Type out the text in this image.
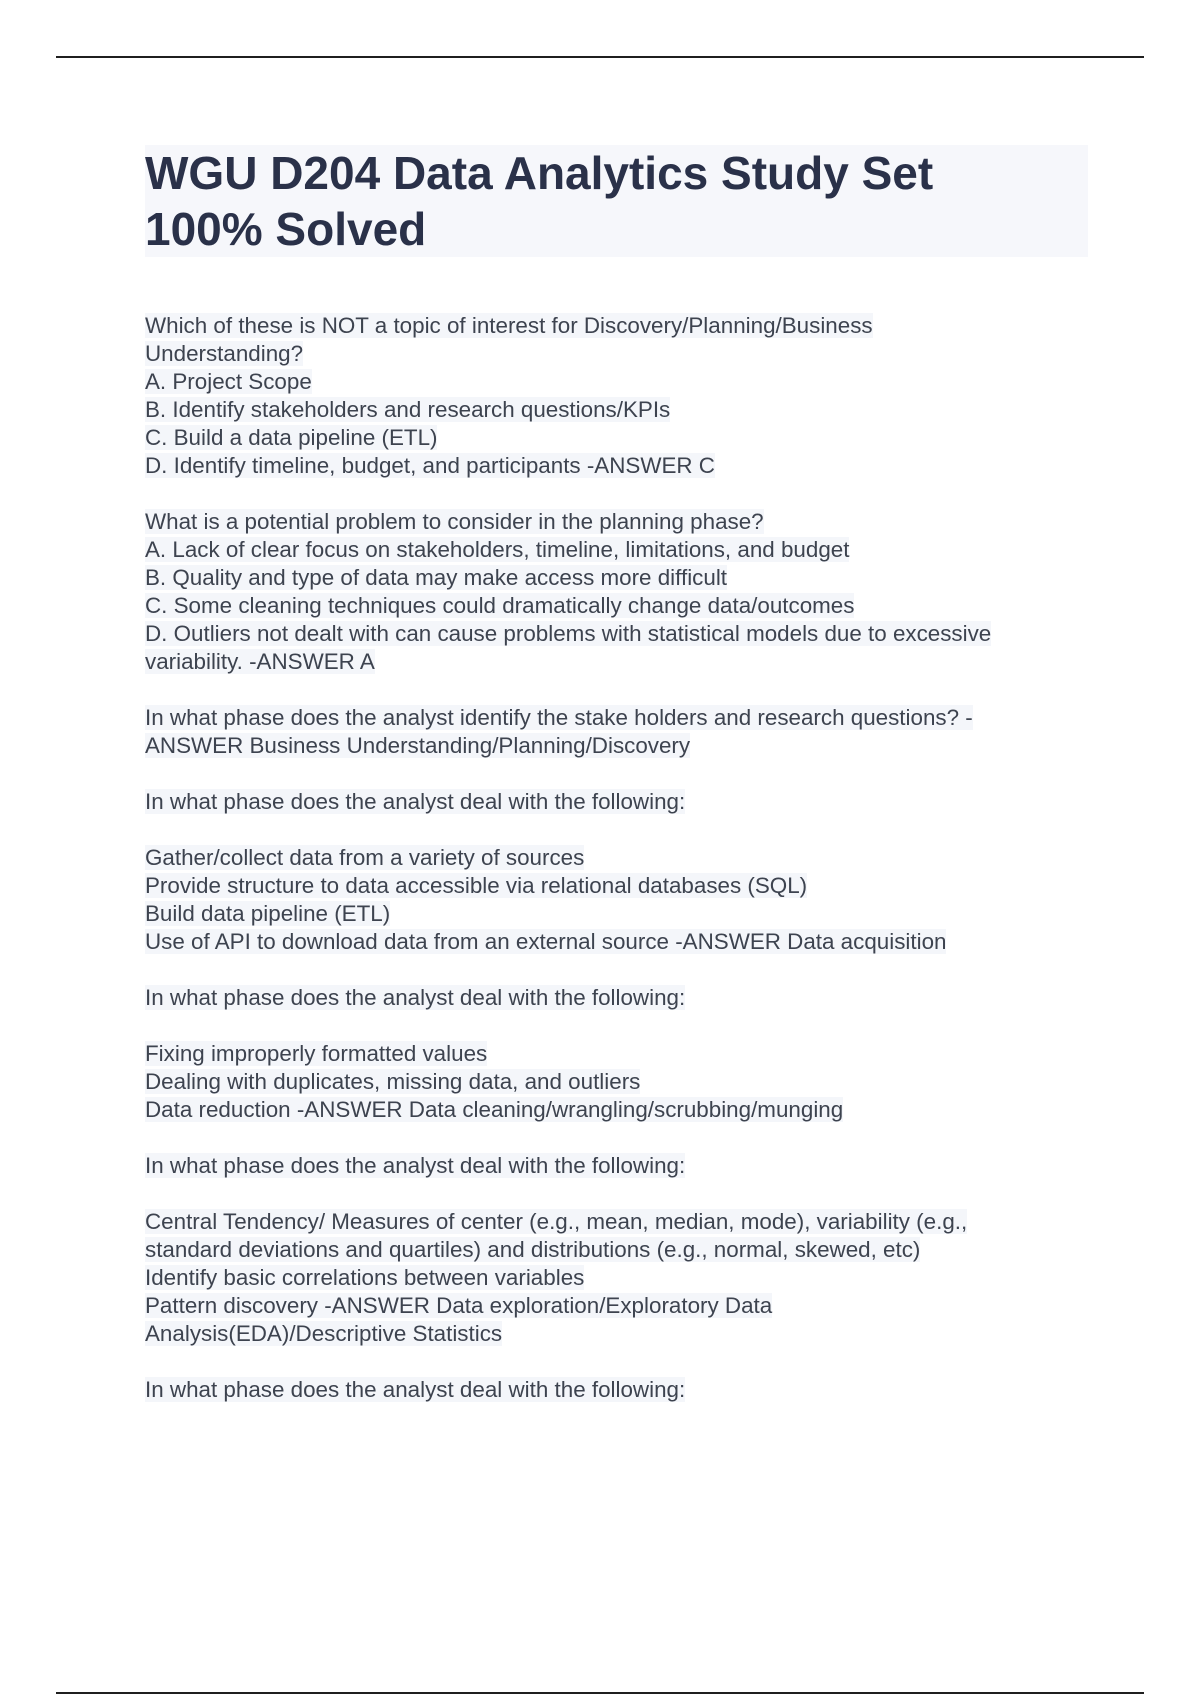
WGU D204 Data Analytics Study Set
100% Solved
Which of these is NOT a topic of interest for Discovery/Planning/Business
Understanding?
A. Project Scope
B. Identify stakeholders and research questions/KPIs
C. Build a data pipeline (ETL)
D. Identify timeline, budget, and participants -ANSWER C
What is a potential problem to consider in the planning phase?
A. Lack of clear focus on stakeholders, timeline, limitations, and budget
B. Quality and type of data may make access more difficult
C. Some cleaning techniques could dramatically change data/outcomes
D. Outliers not dealt with can cause problems with statistical models due to excessive
variability. -ANSWER A
In what phase does the analyst identify the stake holders and research questions? -
ANSWER Business Understanding/Planning/Discovery
In what phase does the analyst deal with the following:
Gather/collect data from a variety of sources
Provide structure to data accessible via relational databases (SQL)
Build data pipeline (ETL)
Use of API to download data from an external source -ANSWER Data acquisition
In what phase does the analyst deal with the following:
Fixing improperly formatted values
Dealing with duplicates, missing data, and outliers
Data reduction -ANSWER Data cleaning/wrangling/scrubbing/munging
In what phase does the analyst deal with the following:
Central Tendency/ Measures of center (e.g., mean, median, mode), variability (e.g.,
standard deviations and quartiles) and distributions (e.g., normal, skewed, etc)
Identify basic correlations between variables
Pattern discovery -ANSWER Data exploration/Exploratory Data
Analysis(EDA)/Descriptive Statistics
In what phase does the analyst deal with the following:
